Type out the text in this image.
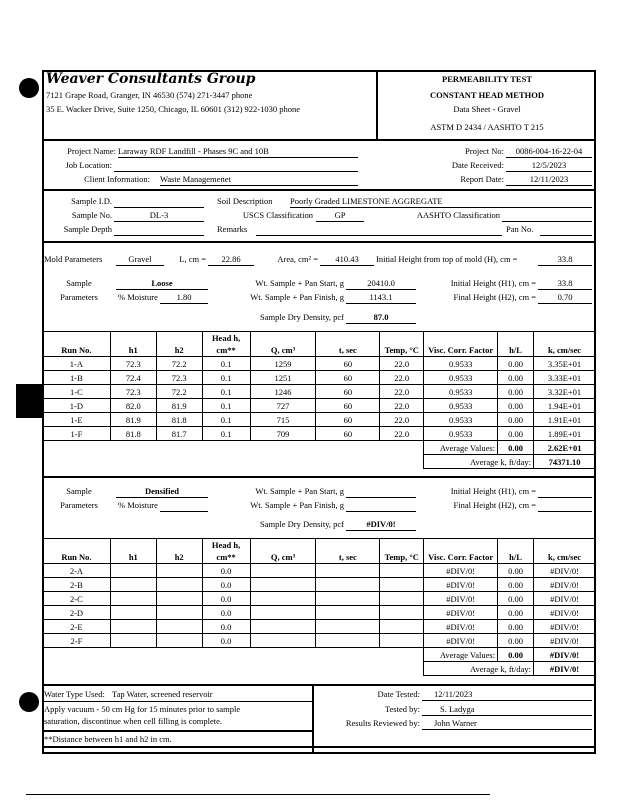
Weaver Consultants Group
7121 Grape Road, Granger, IN 46530 (574) 271-3447 phone
35 E. Wacker Drive, Suite 1250, Chicago, IL 60601 (312) 922-1030 phone
PERMEABILITY TEST
CONSTANT HEAD METHOD
Data Sheet - Gravel
ASTM D 2434 / AASHTO T 215
Project Name: Laraway RDF Landfill - Phases 9C and 10B
Job Location:
Client Information: Waste Managemenet
Project No:	0086-004-16-22-04
Date Received:	12/5/2023
Report Date:	12/11/2023
Sample I.D.
Sample No.	DL-3
Sample Depth
Soil Description Poorly Graded LIMESTONE AGGREGATE
USCS Classification	GP	AASHTO Classification
Remarks	Pan No.
Mold Parameters	Gravel	L, cm =	22.86	Area, cm² =	410.43	Initial Height from top of mold (H), cm =	33.8
Sample
Parameters
Loose
% Moisture	1.80
Wt. Sample + Pan Start, g	20410.0
Wt. Sample + Pan Finish, g	1143.1
Initial Height (H1), cm =	33.8
Final Height (H2), cm =	0.70
Sample Dry Density, pcf	87.0
Run No.	h1	h2	Head h, cm**	Q, cm³	t, sec	Temp, °C	Visc. Corr. Factor	h/L	k, cm/sec
1-A	72.3	72.2	0.1	1259	60	22.0	0.9533	0.00	3.35E+01
1-B	72.4	72.3	0.1	1251	60	22.0	0.9533	0.00	3.33E+01
1-C	72.3	72.2	0.1	1246	60	22.0	0.9533	0.00	3.32E+01
1-D	82.0	81.9	0.1	727	60	22.0	0.9533	0.00	1.94E+01
1-E	81.9	81.8	0.1	715	60	22.0	0.9533	0.00	1.91E+01
1-F	81.8	81.7	0.1	709	60	22.0	0.9533	0.00	1.89E+01
							Average Values:	0.00	2.62E+01
							Average k, ft/day:		74371.10
Sample
Parameters
Densified
% Moisture
Wt. Sample + Pan Start, g
Wt. Sample + Pan Finish, g
Initial Height (H1), cm =
Final Height (H2), cm =
Sample Dry Density, pcf	#DIV/0!
Run No.	h1	h2	Head h, cm**	Q, cm³	t, sec	Temp, °C	Visc. Corr. Factor	h/L	k, cm/sec
2-A			0.0				#DIV/0!	0.00	#DIV/0!
2-B			0.0				#DIV/0!	0.00	#DIV/0!
2-C			0.0				#DIV/0!	0.00	#DIV/0!
2-D			0.0				#DIV/0!	0.00	#DIV/0!
2-E			0.0				#DIV/0!	0.00	#DIV/0!
2-F			0.0				#DIV/0!	0.00	#DIV/0!
							Average Values:	0.00	#DIV/0!
							Average k, ft/day:		#DIV/0!
Water Type Used: Tap Water, screened reservoir
Apply vacuum - 50 cm Hg for 15 minutes prior to sample
saturation, discontinue when cell filling is complete.
**Distance between h1 and h2 in cm.
Date Tested:	12/11/2023
Tested by:	S. Ladyga
Results Reviewed by:	John Warner
